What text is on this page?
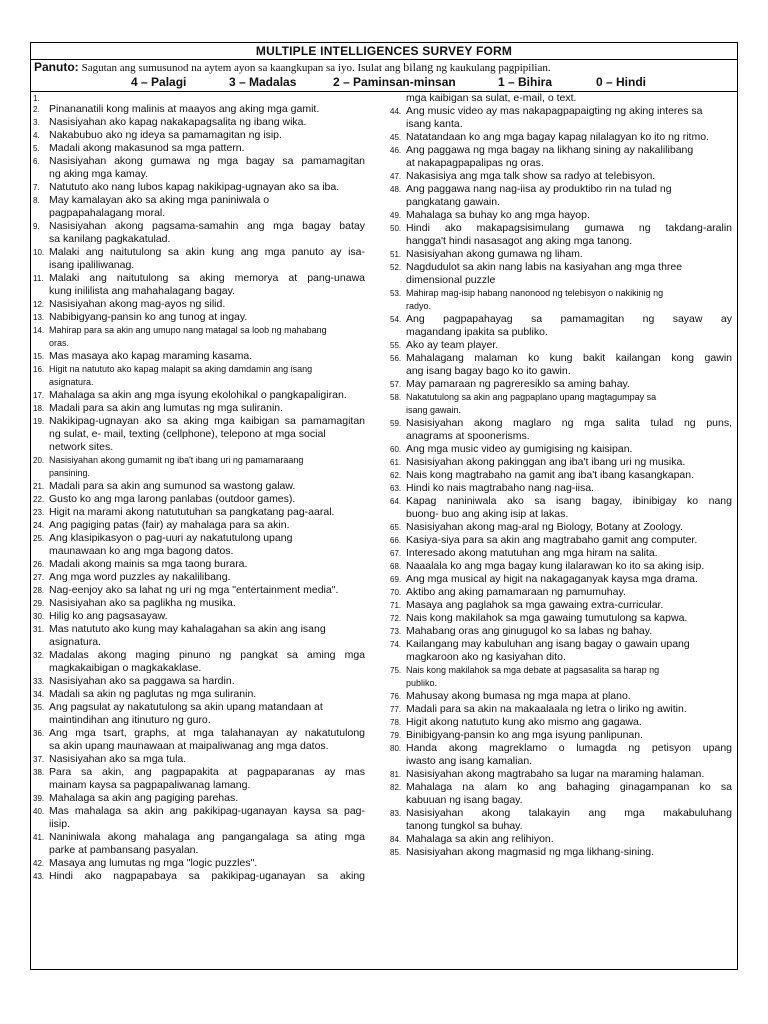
MULTIPLE INTELLIGENCES SURVEY FORM
Panuto: Sagutan ang sumusunod na aytem ayon sa kaangkupan sa iyo. Isulat ang bilang ng kaukulang pagpipilian.
4 – Palagi	3 – Madalas	2 – Paminsan-minsan	1 – Bihira	0 – Hindi
1.
2. Pinananatili kong malinis at maayos ang aking mga gamit.
3. Nasisiyahan ako kapag nakakapagsalita ng ibang wika.
4. Nakabubuo ako ng ideya sa pamamagitan ng isip.
5. Madali akong makasunod sa mga pattern.
6. Nasisiyahan akong gumawa ng mga bagay sa pamamagitan
ng aking mga kamay.
7. Natututo ako nang lubos kapag nakikipag-ugnayan ako sa iba.
8. May kamalayan ako sa aking mga paniniwala o
pagpapahalagang moral.
9. Nasisiyahan akong pagsama-samahin ang mga bagay batay
sa kanilang pagkakatulad.
10. Malaki ang naitutulong sa akin kung ang mga panuto ay isa-
isang ipaliliwanag.
11. Malaki ang naitutulong sa aking memorya at pang-unawa
kung inililista ang mahahalagang bagay.
12. Nasisiyahan akong mag-ayos ng silid.
13. Nabibigyang-pansin ko ang tunog at ingay.
14. Mahirap para sa akin ang umupo nang matagal sa loob ng mahabang
oras.
15. Mas masaya ako kapag maraming kasama.
16. Higit na natututo ako kapag malapit sa aking damdamin ang isang
asignatura.
17. Mahalaga sa akin ang mga isyung ekolohikal o pangkapaligiran.
18. Madali para sa akin ang lumutas ng mga suliranin.
19. Nakikipag-ugnayan ako sa aking mga kaibigan sa pamamagitan
ng sulat, e- mail, texting (cellphone), telepono at mga social
network sites.
20. Nasisiyahan akong gumamit ng iba't ibang uri ng pamamaraang
pansining.
21. Madali para sa akin ang sumunod sa wastong galaw.
22. Gusto ko ang mga larong panlabas (outdoor games).
23. Higit na marami akong natututuhan sa pangkatang pag-aaral.
24. Ang pagiging patas (fair) ay mahalaga para sa akin.
25. Ang klasipikasyon o pag-uuri ay nakatutulong upang
maunawaan ko ang mga bagong datos.
26. Madali akong mainis sa mga taong burara.
27. Ang mga word puzzles ay nakalilibang.
28. Nag-eenjoy ako sa lahat ng uri ng mga "entertainment media".
29. Nasisiyahan ako sa paglikha ng musika.
30. Hilig ko ang pagsasayaw.
31. Mas natututo ako kung may kahalagahan sa akin ang isang
asignatura.
32. Madalas akong maging pinuno ng pangkat sa aming mga
magkakaibigan o magkakaklase.
33. Nasisiyahan ako sa paggawa sa hardin.
34. Madali sa akin ng paglutas ng mga suliranin.
35. Ang pagsulat ay nakatutulong sa akin upang matandaan at
maintindihan ang itinuturo ng guro.
36. Ang mga tsart, graphs, at mga talahanayan ay nakatutulong
sa akin upang maunawaan at maipaliwanag ang mga datos.
37. Nasisiyahan ako sa mga tula.
38. Para sa akin, ang pagpapakita at pagpaparanas ay mas
mainam kaysa sa pagpapaliwanag lamang.
39. Mahalaga sa akin ang pagiging parehas.
40. Mas mahalaga sa akin ang pakikipag-uganayan kaysa sa pag-
iisip.
41. Naniniwala akong mahalaga ang pangangalaga sa ating mga
parke at pambansang pasyalan.
42. Masaya ang lumutas ng mga "logic puzzles".
43. Hindi ako nagpapabaya sa pakikipag-uganayan sa aking
mga kaibigan sa sulat, e-mail, o text.
44. Ang music video ay mas nakapagpapaigting ng aking interes sa
isang kanta.
45. Natatandaan ko ang mga bagay kapag nilalagyan ko ito ng ritmo.
46. Ang paggawa ng mga bagay na likhang sining ay nakalilibang
at nakapagpapalipas ng oras.
47. Nakasisiya ang mga talk show sa radyo at telebisyon.
48. Ang paggawa nang nag-iisa ay produktibo rin na tulad ng
pangkatang gawain.
49. Mahalaga sa buhay ko ang mga hayop.
50. Hindi ako makapagsisimulang gumawa ng takdang-aralin
hangga't hindi nasasagot ang aking mga tanong.
51. Nasisiyahan akong gumawa ng liham.
52. Nagdudulot sa akin nang labis na kasiyahan ang mga three
dimensional puzzle
53. Mahirap mag-isip habang nanonood ng telebisyon o nakikinig ng
radyo.
54. Ang pagpapahayag sa pamamagitan ng sayaw ay
magandang ipakita sa publiko.
55. Ako ay team player.
56. Mahalagang malaman ko kung bakit kailangan kong gawin
ang isang bagay bago ko ito gawin.
57. May pamaraan ng pagreresiklo sa aming bahay.
58. Nakatutulong sa akin ang pagpaplano upang magtagumpay sa
isang gawain.
59. Nasisiyahan akong maglaro ng mga salita tulad ng puns,
anagrams at spoonerisms.
60. Ang mga music video ay gumigising ng kaisipan.
61. Nasisiyahan akong pakinggan ang iba't ibang uri ng musika.
62. Nais kong magtrabaho na gamit ang iba't ibang kasangkapan.
63. Hindi ko nais magtrabaho nang nag-iisa.
64. Kapag naniniwala ako sa isang bagay, ibinibigay ko nang
buong- buo ang aking isip at lakas.
65. Nasisiyahan akong mag-aral ng Biology, Botany at Zoology.
66. Kasiya-siya para sa akin ang magtrabaho gamit ang computer.
67. Interesado akong matutuhan ang mga hiram na salita.
68. Naaalala ko ang mga bagay kung ilalarawan ko ito sa aking isip.
69. Ang mga musical ay higit na nakagaganyak kaysa mga drama.
70. Aktibo ang aking pamamaraan ng pamumuhay.
71. Masaya ang paglahok sa mga gawaing extra-curricular.
72. Nais kong makilahok sa mga gawaing tumutulong sa kapwa.
73. Mahabang oras ang ginugugol ko sa labas ng bahay.
74. Kailangang may kabuluhan ang isang bagay o gawain upang
magkaroon ako ng kasiyahan dito.
75. Nais kong makilahok sa mga debate at pagsasalita sa harap ng
publiko.
76. Mahusay akong bumasa ng mga mapa at plano.
77. Madali para sa akin na makaalaala ng letra o liriko ng awitin.
78. Higit akong natututo kung ako mismo ang gagawa.
79. Binibigyang-pansin ko ang mga isyung panlipunan.
80. Handa akong magreklamo o lumagda ng petisyon upang
iwasto ang isang kamalian.
81. Nasisiyahan akong magtrabaho sa lugar na maraming halaman.
82. Mahalaga na alam ko ang bahaging ginagampanan ko sa
kabuuan ng isang bagay.
83. Nasisiyahan akong talakayin ang mga makabuluhang
tanong tungkol sa buhay.
84. Mahalaga sa akin ang relihiyon.
85. Nasisiyahan akong magmasid ng mga likhang-sining.
